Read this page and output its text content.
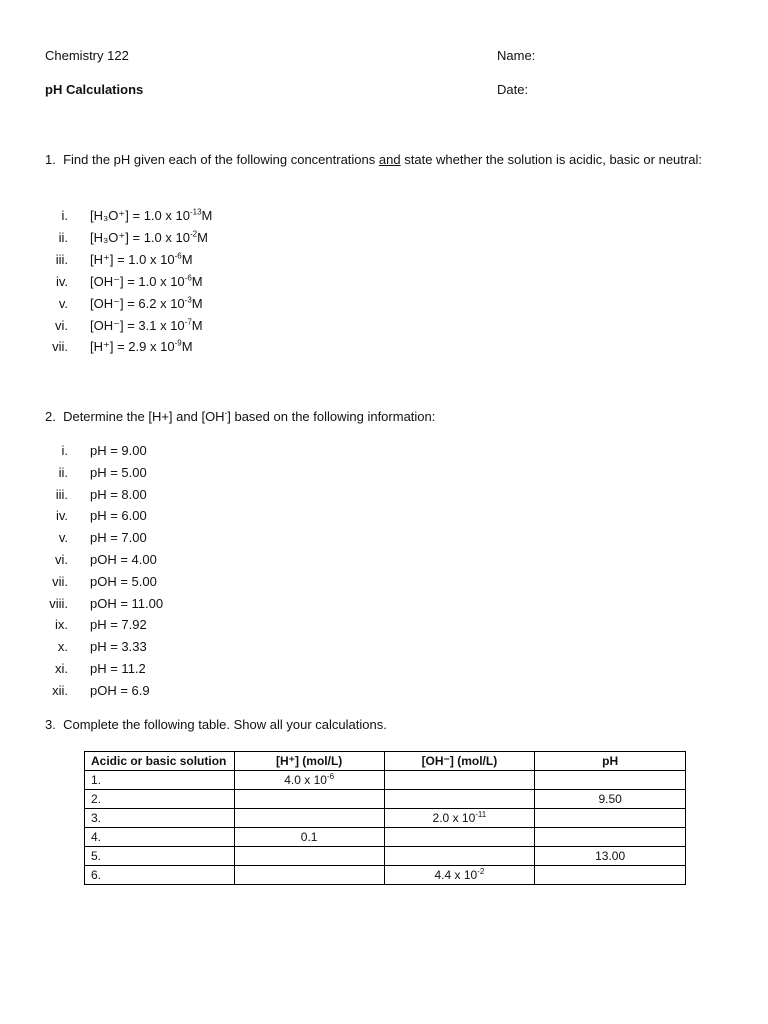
Chemistry 122
pH Calculations
Name:
Date:
1. Find the pH given each of the following concentrations and state whether the solution is acidic, basic or neutral:
i. [H₃O⁺] = 1.0 x $10^{-13}M$
ii. [H₃O⁺] = 1.0 x $10^{-2}M$
iii. [H⁺] = 1.0 x $10^{-6}M$
iv. [OH⁻] = 1.0 x $10^{-6}M$
v. [OH⁻] = 6.2 x $10^{-3}M$
vi. [OH⁻] = 3.1 x $10^{-7}M$
vii. [H⁺] = 2.9 x $10^{-9}M$
2. Determine the [H+] and [OH-] based on the following information:
i. pH = 9.00
ii. pH = 5.00
iii. pH = 8.00
iv. pH = 6.00
v. pH = 7.00
vi. pOH = 4.00
vii. pOH = 5.00
viii. pOH = 11.00
ix. pH = 7.92
x. pH = 3.33
xi. pH = 11.2
xii. pOH = 6.9
3. Complete the following table. Show all your calculations.
Acidic or basic solution	[H⁺] (mol/L)	[OH⁻] (mol/L)	pH
1.	4.0 x $10^{-6}$		
2.			9.50
3.		2.0 x $10^{-11}$	
4.	0.1		
5.			13.00
6.		4.4 x $10^{-2}$	
